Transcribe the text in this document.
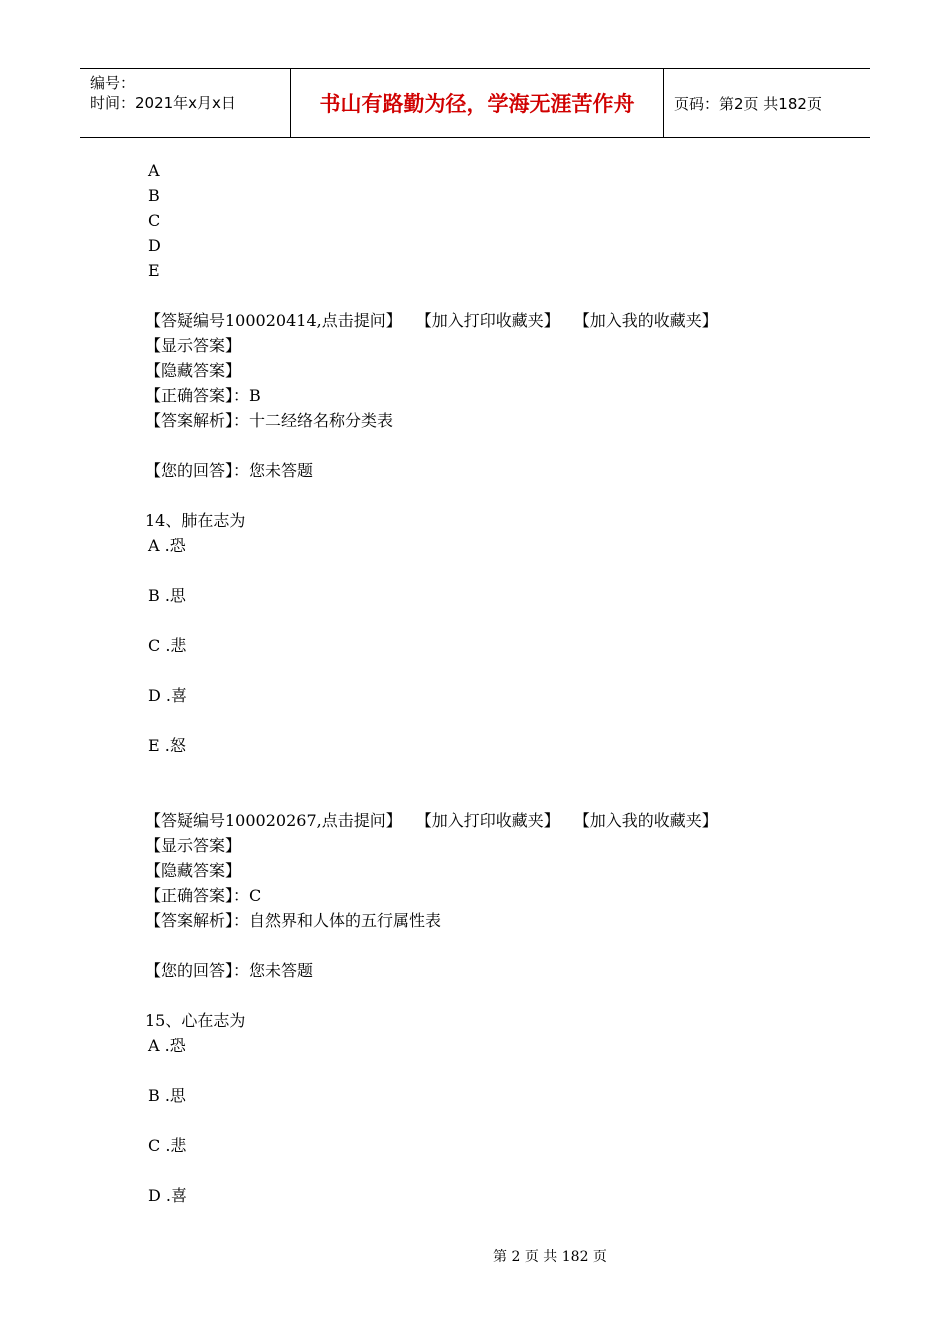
编号：
时间：2021年x月x日	书山有路勤为径，学海无涯苦作舟	页码：第2页 共182页
A
B
C
D
E
【答疑编号100020414,点击提问】 【加入打印收藏夹】 【加入我的收藏夹】
【显示答案】
【隐藏答案】
【正确答案】：B
【答案解析】：十二经络名称分类表
【您的回答】：您未答题
14、肺在志为
A .恐
B .思
C .悲
D .喜
E .怒
【答疑编号100020267,点击提问】 【加入打印收藏夹】 【加入我的收藏夹】
【显示答案】
【隐藏答案】
【正确答案】：C
【答案解析】：自然界和人体的五行属性表
【您的回答】：您未答题
15、心在志为
A .恐
B .思
C .悲
D .喜
第 2 页 共 182 页
